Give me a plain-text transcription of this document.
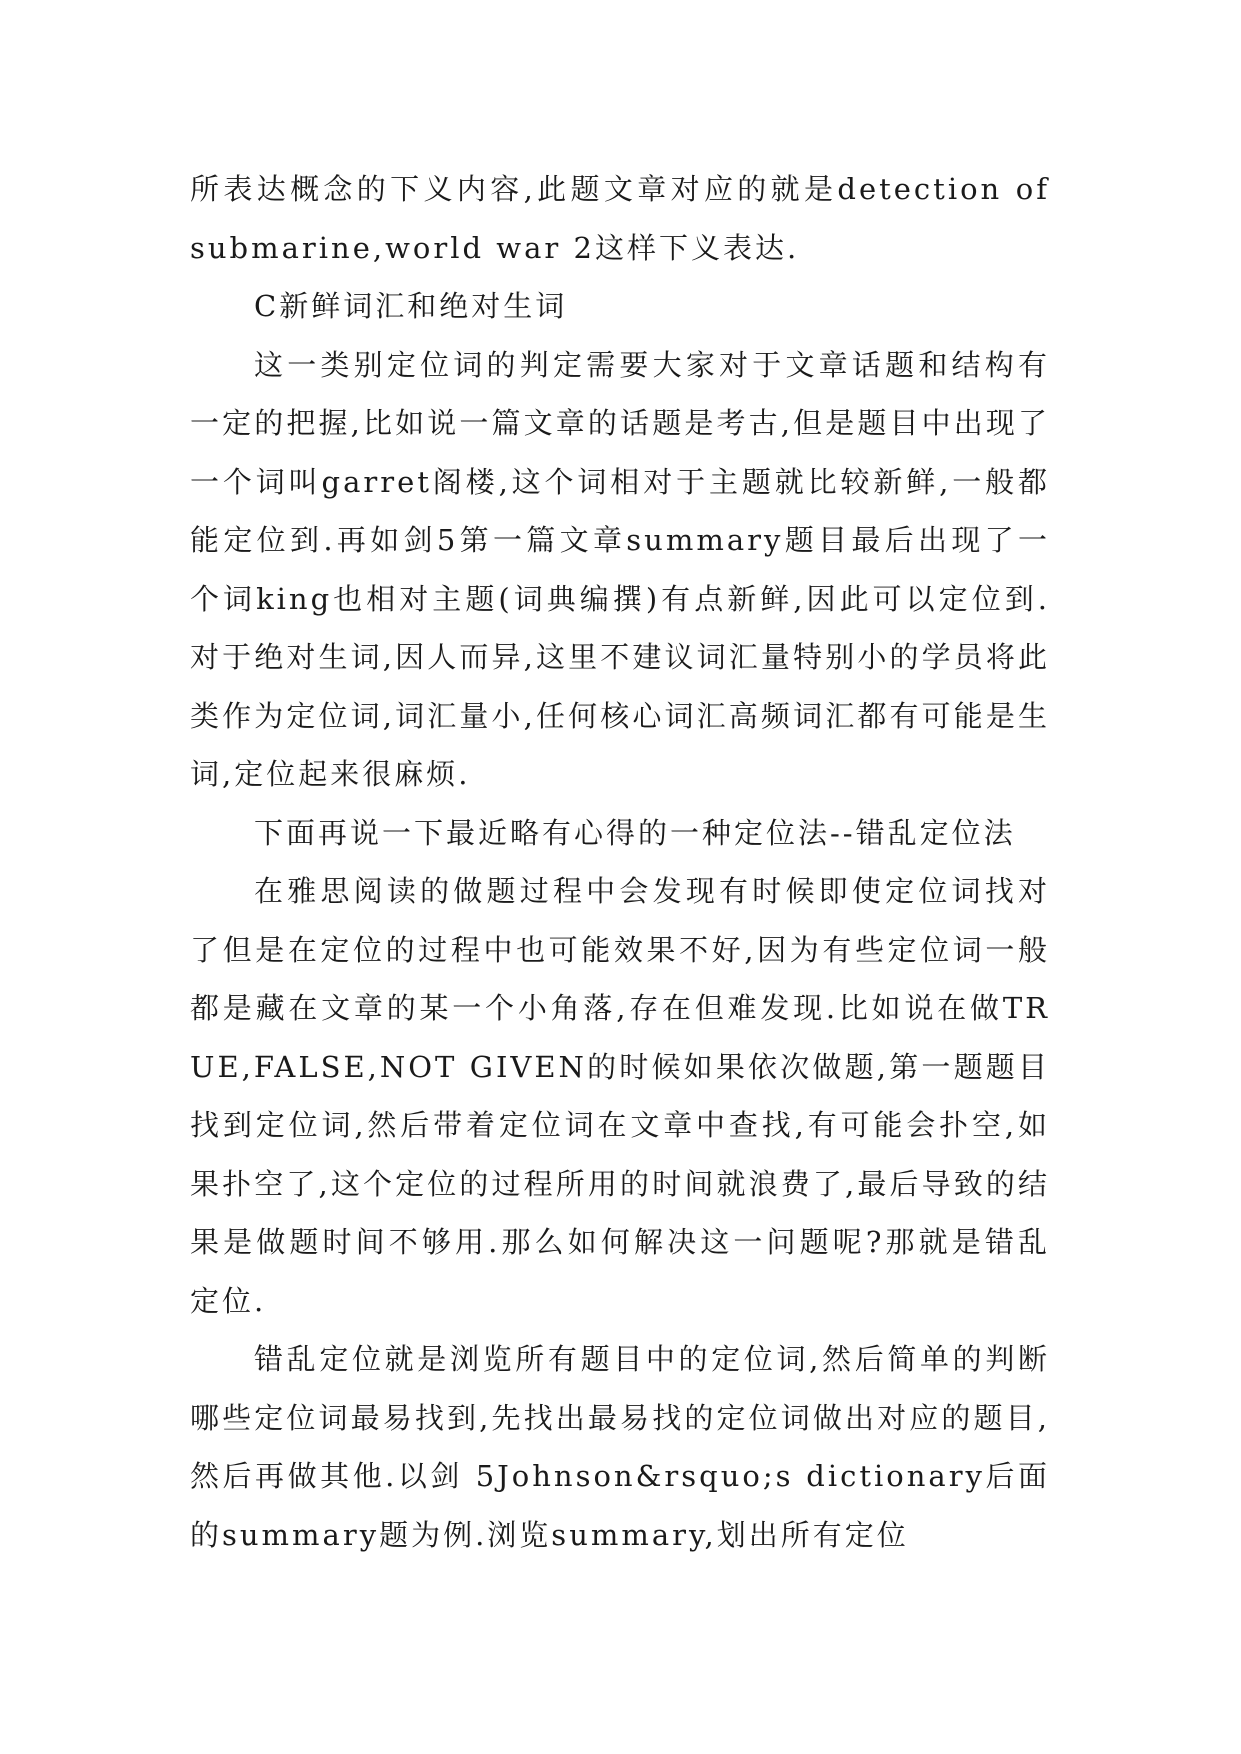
所表达概念的下义内容,此题文章对应的就是detection of submarine,world war 2这样下义表达.

C新鲜词汇和绝对生词

这一类别定位词的判定需要大家对于文章话题和结构有一定的把握,比如说一篇文章的话题是考古,但是题目中出现了一个词叫garret阁楼,这个词相对于主题就比较新鲜,一般都能定位到.再如剑5第一篇文章summary题目最后出现了一个词king也相对主题(词典编撰)有点新鲜,因此可以定位到.对于绝对生词,因人而异,这里不建议词汇量特别小的学员将此类作为定位词,词汇量小,任何核心词汇高频词汇都有可能是生词,定位起来很麻烦.

下面再说一下最近略有心得的一种定位法--错乱定位法

在雅思阅读的做题过程中会发现有时候即使定位词找对了但是在定位的过程中也可能效果不好,因为有些定位词一般都是藏在文章的某一个小角落,存在但难发现.比如说在做TRUE,FALSE,NOT GIVEN的时候如果依次做题,第一题题目找到定位词,然后带着定位词在文章中查找,有可能会扑空,如果扑空了,这个定位的过程所用的时间就浪费了,最后导致的结果是做题时间不够用.那么如何解决这一问题呢?那就是错乱定位.

错乱定位就是浏览所有题目中的定位词,然后简单的判断哪些定位词最易找到,先找出最易找的定位词做出对应的题目,然后再做其他.以剑 5Johnson&rsquo;s dictionary后面的summary题为例.浏览summary,划出所有定位
